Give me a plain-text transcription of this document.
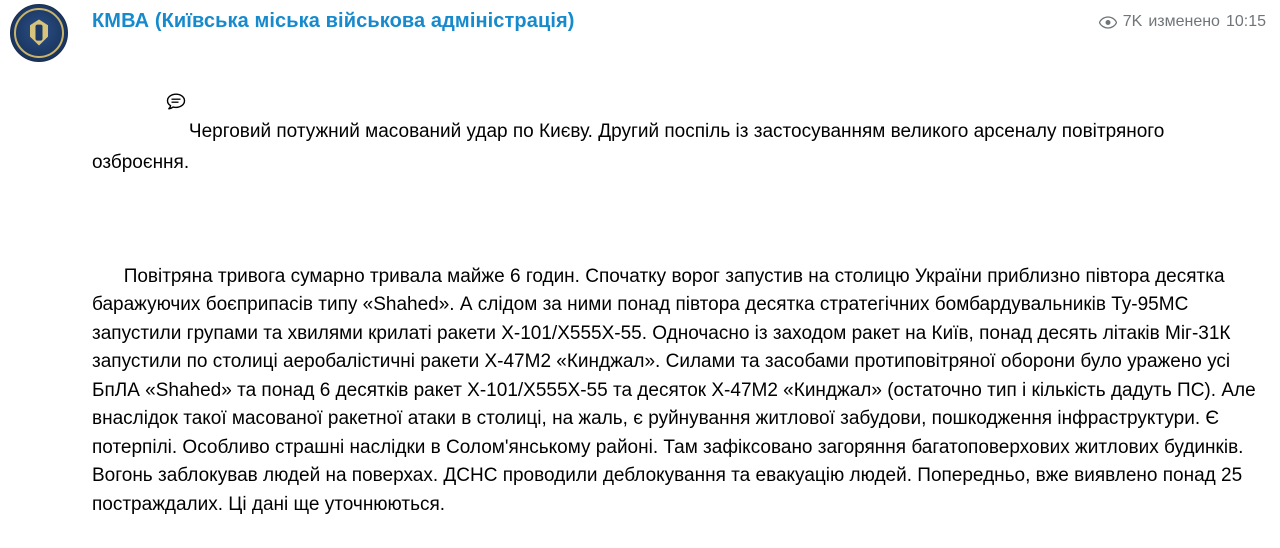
КМВА (Київська міська військова адміністрація)	7K изменено 10:15

Черговий потужний масований удар по Києву. Другий поспіль із застосуванням великого арсеналу повітряного озброєння.

Повітряна тривога сумарно тривала майже 6 годин. Спочатку ворог запустив на столицю України приблизно півтора десятка баражуючих боєприпасів типу «Shahed». А слідом за ними понад півтора десятка стратегічних бомбардувальників Ту-95МС запустили групами та хвилями крилаті ракети Х-101/Х555Х-55. Одночасно із заходом ракет на Київ, понад десять літаків Міг-31К запустили по столиці аеробалістичні ракети Х-47М2 «Кинджал». Силами та засобами протиповітряної оборони було уражено усі БпЛА «Shahed» та понад 6 десятків ракет Х-101/Х555Х-55 та десяток Х-47М2 «Кинджал» (остаточно тип і кількість дадуть ПС). Але внаслідок такої масованої ракетної атаки в столиці, на жаль, є руйнування житлової забудови, пошкодження інфраструктури. Є потерпілі. Особливо страшні наслідки в Солом'янському районі. Там зафіксовано загоряння багатоповерхових житлових будинків. Вогонь заблокував людей на поверхах. ДСНС проводили деблокування та евакуацію людей. Попередньо, вже виявлено понад 25 постраждалих. Ці дані ще уточнюються.
